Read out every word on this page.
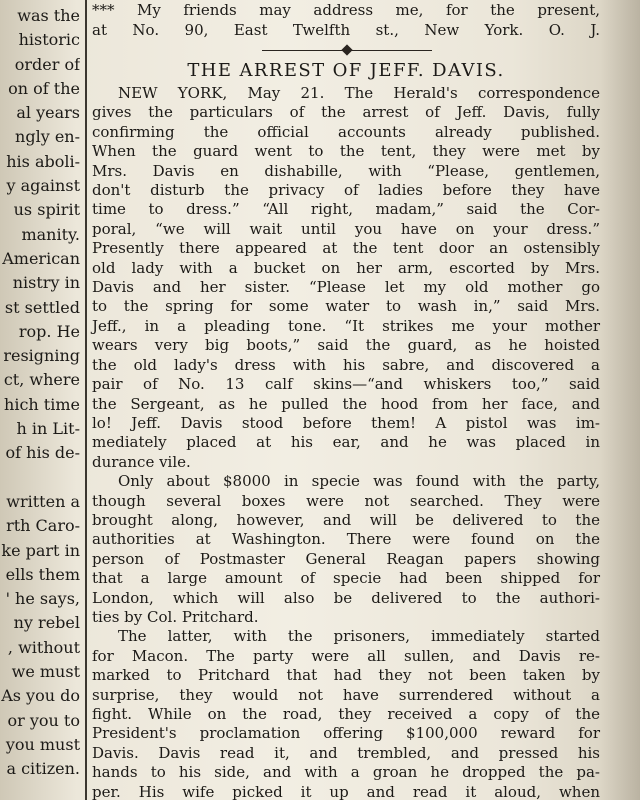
was the
historic
order of
on of the
al years
ngly en-
his aboli-
y against
us spirit
manity.
American
nistry in
st settled
rop. He
resigning
ct, where
hich time
h in Lit-
of his de-
written a
rth Caro-
ke part in
ells them
' he says,
ny rebel
, without
we must
As you do
or you to
you must
a citizen.
*** My friends may address me, for the present,
at No. 90, East Twelfth st., New York. O. J.
THE ARREST OF JEFF. DAVIS.
NEW YORK, May 21. The Herald's correspondence
gives the particulars of the arrest of Jeff. Davis, fully
confirming the official accounts already published.
When the guard went to the tent, they were met by
Mrs. Davis en dishabille, with “Please, gentlemen,
don't disturb the privacy of ladies before they have
time to dress.” “All right, madam,” said the Cor-
poral, “we will wait until you have on your dress.”
Presently there appeared at the tent door an ostensibly
old lady with a bucket on her arm, escorted by Mrs.
Davis and her sister. “Please let my old mother go
to the spring for some water to wash in,” said Mrs.
Jeff., in a pleading tone. “It strikes me your mother
wears very big boots,” said the guard, as he hoisted
the old lady's dress with his sabre, and discovered a
pair of No. 13 calf skins—“and whiskers too,” said
the Sergeant, as he pulled the hood from her face, and
lo! Jeff. Davis stood before them! A pistol was im-
mediately placed at his ear, and he was placed in
durance vile.
Only about $8000 in specie was found with the party,
though several boxes were not searched. They were
brought along, however, and will be delivered to the
authorities at Washington. There were found on the
person of Postmaster General Reagan papers showing
that a large amount of specie had been shipped for
London, which will also be delivered to the authori-
ties by Col. Pritchard.
The latter, with the prisoners, immediately started
for Macon. The party were all sullen, and Davis re-
marked to Pritchard that had they not been taken by
surprise, they would not have surrendered without a
fight. While on the road, they received a copy of the
President's proclamation offering $100,000 reward for
Davis. Davis read it, and trembled, and pressed his
hands to his side, and with a groan he dropped the pa-
per. His wife picked it up and read it aloud, when
